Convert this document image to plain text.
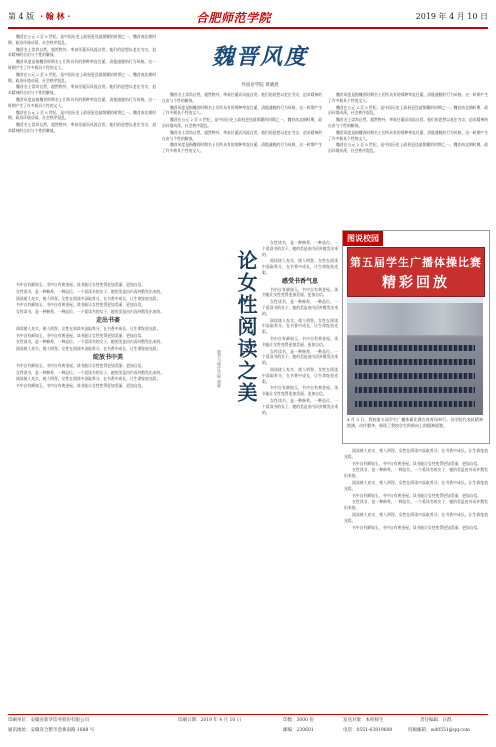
第 4 版 · 翰 林 ·	合肥师范学院	2019 年 4 月 10 日
魏晋风度
外国语学院 黄晓晨

魏晋在公元 2 至 5 世纪，是中国历史上政权更迭最频繁的时期之一。魏晋南北朝时期，政治环境动荡，社会秩序混乱。

魏晋名士崇尚自然，超然物外，率真任诞而风流自赏。他们的思想以老庄为宗，追求精神的自由与个性的解放。

魏晋风度是指魏晋时期名士们所具有的那种率直任诞、清俊通脱的行为风格。这一时期产生了许多极具个性的文人。

魏晋在公元 2 至 5 世纪，是中国历史上政权更迭最频繁的时期之一。魏晋南北朝时期，政治环境动荡，社会秩序混乱。

魏晋名士崇尚自然，超然物外，率真任诞而风流自赏。他们的思想以老庄为宗，追求精神的自由与个性的解放。

魏晋风度是指魏晋时期名士们所具有的那种率直任诞、清俊通脱的行为风格。这一时期产生了许多极具个性的文人。

魏晋在公元 2 至 5 世纪，是中国历史上政权更迭最频繁的时期之一。魏晋南北朝时期，政治环境动荡，社会秩序混乱。

魏晋名士崇尚自然，超然物外，率真任诞而风流自赏。他们的思想以老庄为宗，追求精神的自由与个性的解放。

魏晋名士崇尚自然，超然物外，率真任诞而风流自赏。他们的思想以老庄为宗，追求精神的自由与个性的解放。

魏晋风度是指魏晋时期名士们所具有的那种率直任诞、清俊通脱的行为风格。这一时期产生了许多极具个性的文人。

魏晋在公元 2 至 5 世纪，是中国历史上政权更迭最频繁的时期之一。魏晋南北朝时期，政治环境动荡，社会秩序混乱。

魏晋名士崇尚自然，超然物外，率真任诞而风流自赏。他们的思想以老庄为宗，追求精神的自由与个性的解放。

魏晋风度是指魏晋时期名士们所具有的那种率直任诞、清俊通脱的行为风格。这一时期产生了许多极具个性的文人。

魏晋风度是指魏晋时期名士们所具有的那种率直任诞、清俊通脱的行为风格。这一时期产生了许多极具个性的文人。

魏晋在公元 2 至 5 世纪，是中国历史上政权更迭最频繁的时期之一。魏晋南北朝时期，政治环境动荡，社会秩序混乱。

魏晋名士崇尚自然，超然物外，率真任诞而风流自赏。他们的思想以老庄为宗，追求精神的自由与个性的解放。

魏晋风度是指魏晋时期名士们所具有的那种率直任诞、清俊通脱的行为风格。这一时期产生了许多极具个性的文人。

魏晋在公元 2 至 5 世纪，是中国历史上政权更迭最频繁的时期之一。魏晋南北朝时期，政治环境动荡，社会秩序混乱。

论女性阅读之美
数学与统计学院 胡静

书中自有颜如玉，书中自有黄金屋。读书能让女性变得更加美丽、更加自信。

女性读书，是一种修养，一种品位。一个爱读书的女子，她的美是由内而外散发出来的。

阅读使人充实，使人明智。女性在阅读中汲取养分，在书香中成长，让生命绽放光彩。

书中自有颜如玉，书中自有黄金屋。读书能让女性变得更加美丽、更加自信。

女性读书，是一种修养，一种品位。一个爱读书的女子，她的美是由内而外散发出来的。

走出书斋

阅读使人充实，使人明智。女性在阅读中汲取养分，在书香中成长，让生命绽放光彩。

书中自有颜如玉，书中自有黄金屋。读书能让女性变得更加美丽、更加自信。

女性读书，是一种修养，一种品位。一个爱读书的女子，她的美是由内而外散发出来的。

阅读使人充实，使人明智。女性在阅读中汲取养分，在书香中成长，让生命绽放光彩。

绽放书中美

书中自有颜如玉，书中自有黄金屋。读书能让女性变得更加美丽、更加自信。

女性读书，是一种修养，一种品位。一个爱读书的女子，她的美是由内而外散发出来的。

阅读使人充实，使人明智。女性在阅读中汲取养分，在书香中成长，让生命绽放光彩。

书中自有颜如玉，书中自有黄金屋。读书能让女性变得更加美丽、更加自信。

女性读书，是一种修养，一种品位。一个爱读书的女子，她的美是由内而外散发出来的。

阅读使人充实，使人明智。女性在阅读中汲取养分，在书香中成长，让生命绽放光彩。

感受书香气息

书中自有颜如玉，书中自有黄金屋。读书能让女性变得更加美丽、更加自信。

女性读书，是一种修养，一种品位。一个爱读书的女子，她的美是由内而外散发出来的。

阅读使人充实，使人明智。女性在阅读中汲取养分，在书香中成长，让生命绽放光彩。

书中自有颜如玉，书中自有黄金屋。读书能让女性变得更加美丽、更加自信。

女性读书，是一种修养，一种品位。一个爱读书的女子，她的美是由内而外散发出来的。

阅读使人充实，使人明智。女性在阅读中汲取养分，在书香中成长，让生命绽放光彩。

书中自有颜如玉，书中自有黄金屋。读书能让女性变得更加美丽、更加自信。

女性读书，是一种修养，一种品位。一个爱读书的女子，她的美是由内而外散发出来的。

图说校园
第五届学生广播体操比赛
精彩回放
4 月 3 日，我校第五届学生广播体操比赛在体育场举行。各学院代表队精神饱满、动作整齐，展现了我校学生积极向上的精神面貌。

阅读使人充实，使人明智。女性在阅读中汲取养分，在书香中成长，让生命绽放光彩。

书中自有颜如玉，书中自有黄金屋。读书能让女性变得更加美丽、更加自信。

女性读书，是一种修养，一种品位。一个爱读书的女子，她的美是由内而外散发出来的。

阅读使人充实，使人明智。女性在阅读中汲取养分，在书香中成长，让生命绽放光彩。

书中自有颜如玉，书中自有黄金屋。读书能让女性变得更加美丽、更加自信。

女性读书，是一种修养，一种品位。一个爱读书的女子，她的美是由内而外散发出来的。

阅读使人充实，使人明智。女性在阅读中汲取养分，在书香中成长，让生命绽放光彩。

书中自有颜如玉，书中自有黄金屋。读书能让女性变得更加美丽、更加自信。

印刷单位：安徽省新华印务股份有限公司
通讯地址：安徽省合肥市金寨南路 1688 号
印刷日期：2019 年 4 月 10 日	印数：3000 份
邮编：230601
发送对象：本校师生
电话：0551-63819600
责任编辑：汪群
投稿邮箱：wd0551@qq.com
